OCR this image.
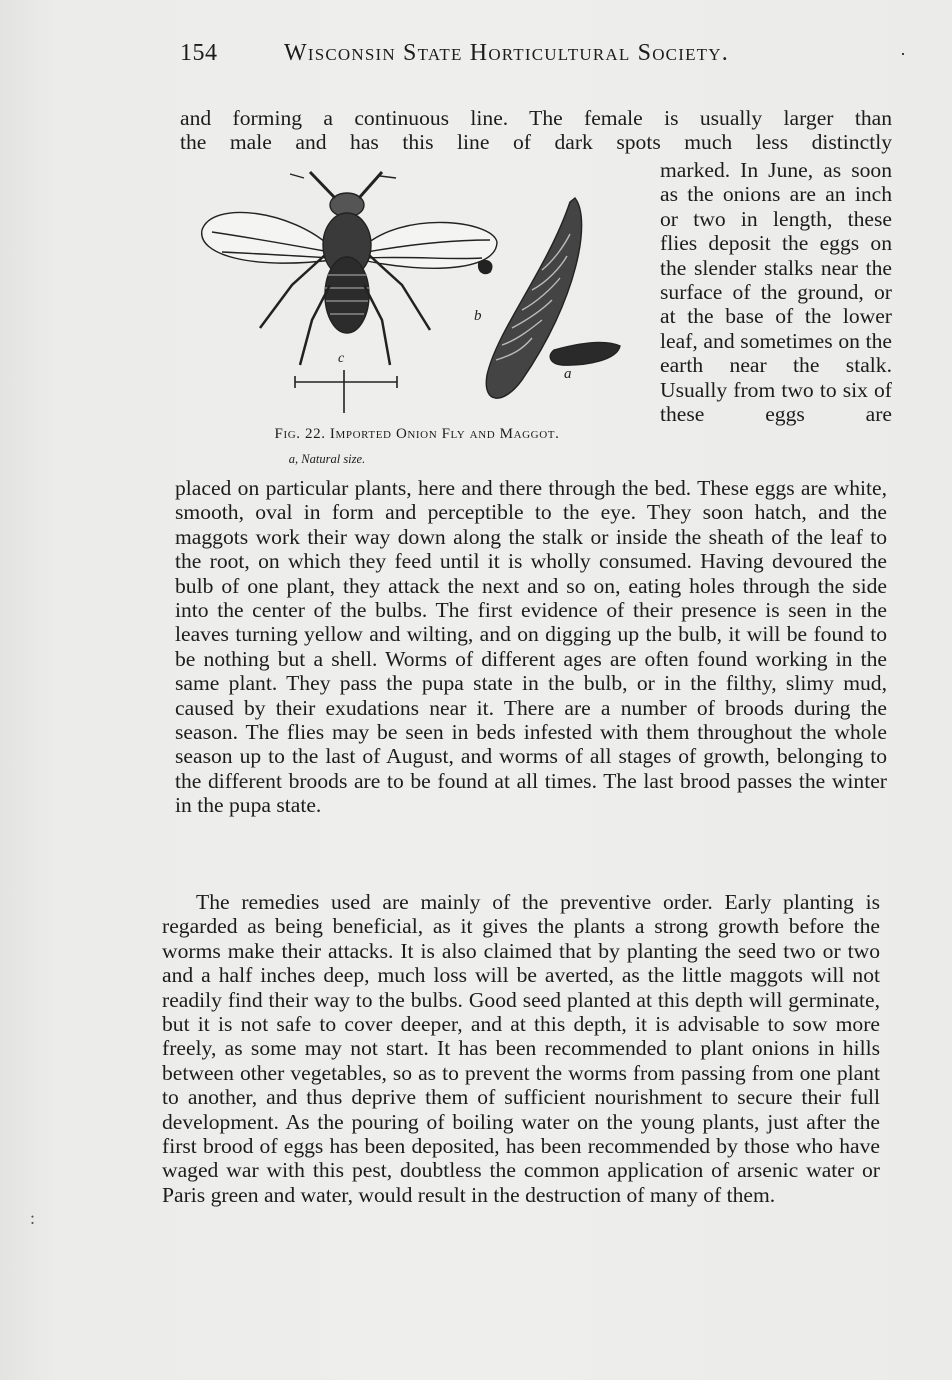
154	Wisconsin State Horticultural Society.	·

and forming a continuous line. The female is usually larger than

the male and has this line of dark spots much less distinctly

c
b
a
Fig. 22. Imported Onion Fly and Maggot.
a, Natural size.
marked. In June, as soon as the onions are an inch or two in length, these flies deposit the eggs on the slender stalks near the surface of the ground, or at the base of the lower leaf, and sometimes on the earth near the stalk. Usually from two to six of these eggs are

placed on particular plants, here and there through the bed. These eggs are white, smooth, oval in form and perceptible to the eye. They soon hatch, and the maggots work their way down along the stalk or inside the sheath of the leaf to the root, on which they feed until it is wholly consumed. Having devoured the bulb of one plant, they attack the next and so on, eating holes through the side into the center of the bulbs. The first evidence of their presence is seen in the leaves turning yellow and wilting, and on digging up the bulb, it will be found to be nothing but a shell. Worms of different ages are often found working in the same plant. They pass the pupa state in the bulb, or in the filthy, slimy mud, caused by their exudations near it. There are a number of broods during the season. The flies may be seen in beds infested with them throughout the whole season up to the last of August, and worms of all stages of growth, belonging to the different broods are to be found at all times. The last brood passes the winter in the pupa state.

The remedies used are mainly of the preventive order. Early planting is regarded as being beneficial, as it gives the plants a strong growth before the worms make their attacks. It is also claimed that by planting the seed two or two and a half inches deep, much loss will be averted, as the little maggots will not readily find their way to the bulbs. Good seed planted at this depth will germinate, but it is not safe to cover deeper, and at this depth, it is advisable to sow more freely, as some may not start. It has been recommended to plant onions in hills between other vegetables, so as to prevent the worms from passing from one plant to another, and thus deprive them of sufficient nourishment to secure their full development. As the pouring of boiling water on the young plants, just after the first brood of eggs has been deposited, has been recommended by those who have waged war with this pest, doubtless the common application of arsenic water or Paris green and water, would result in the destruction of many of them.

:
